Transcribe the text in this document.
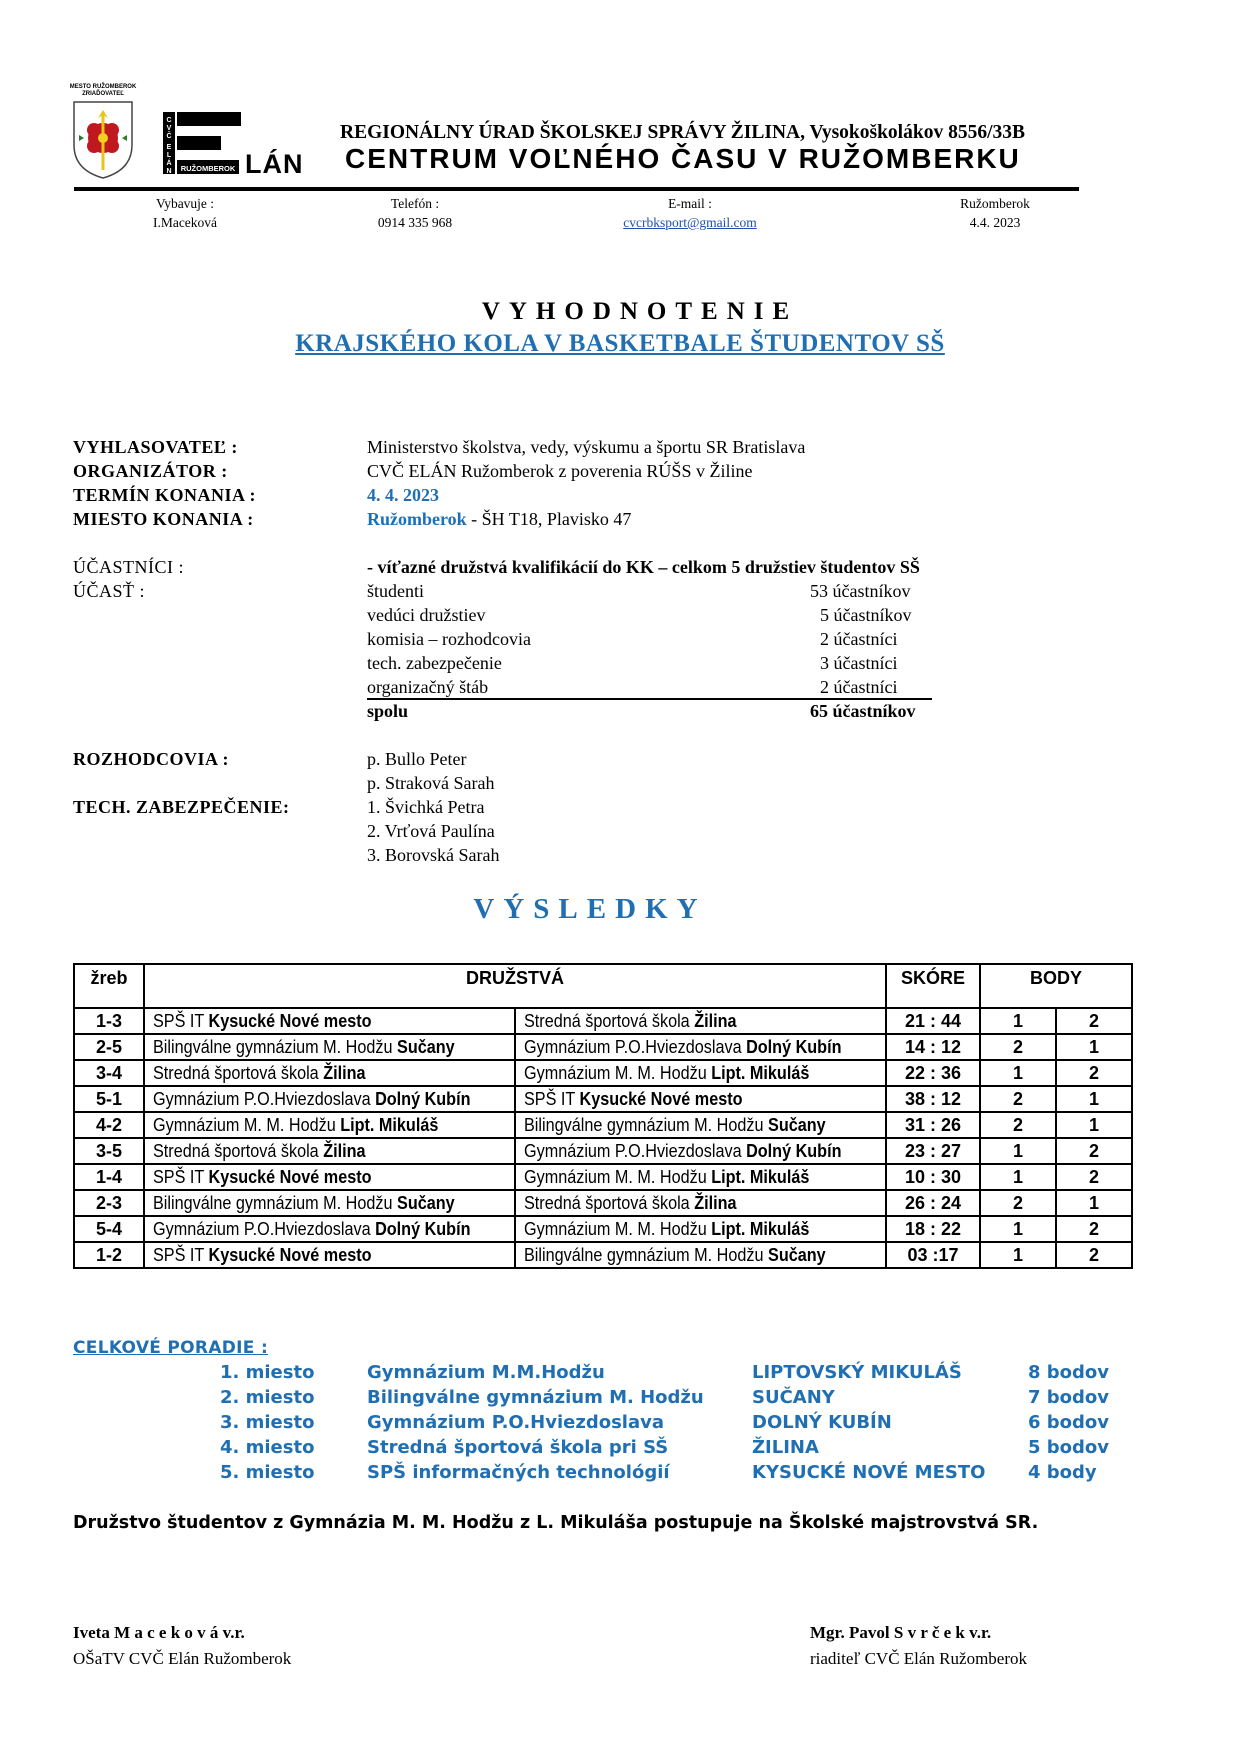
MESTO RUŽOMBEROK
ZRIAĎOVATEĽ
C
V
Č
E
L
Á
N RUŽOMBEROK LÁN
REGIONÁLNY ÚRAD ŠKOLSKEJ SPRÁVY ŽILINA, Vysokoškolákov 8556/33B
CENTRUM VOĽNÉHO ČASU V RUŽOMBERKU
Vybavuje :
I.Maceková
Telefón :
0914 335 968
E-mail :
cvcrbksport@gmail.com
Ružomberok
4.4. 2023
VYHODNOTENIE
KRAJSKÉHO KOLA V BASKETBALE ŠTUDENTOV SŠ
VYHLASOVATEĽ :	Ministerstvo školstva, vedy, výskumu a športu SR Bratislava
ORGANIZÁTOR :	CVČ ELÁN Ružomberok z poverenia RÚŠS v Žiline
TERMÍN KONANIA :	4. 4. 2023
MIESTO KONANIA :	Ružomberok - ŠH T18, Plavisko 47
ÚČASTNÍCI :	- víťazné družstvá kvalifikácií do KK – celkom 5 družstiev študentov SŠ
ÚČASŤ :	študenti	53 účastníkov
vedúci družstiev	5 účastníkov
komisia – rozhodcovia	2 účastníci
tech. zabezpečenie	3 účastníci
organizačný štáb	2 účastníci
spolu	65 účastníkov
ROZHODCOVIA :	p. Bullo Peter
p. Straková Sarah
TECH. ZABEZPEČENIE:	1. Švichká Petra
2. Vrťová Paulína
3. Borovská Sarah
VÝSLEDKY
žreb	DRUŽSTVÁ		SKÓRE	BODY	
1-3	SPŠ IT Kysucké Nové mesto	Stredná športová škola Žilina	21 : 44	1	2
2-5	Bilingválne gymnázium M. Hodžu Sučany	Gymnázium P.O.Hviezdoslava Dolný Kubín	14 : 12	2	1
3-4	Stredná športová škola Žilina	Gymnázium M. M. Hodžu Lipt. Mikuláš	22 : 36	1	2
5-1	Gymnázium P.O.Hviezdoslava Dolný Kubín	SPŠ IT Kysucké Nové mesto	38 : 12	2	1
4-2	Gymnázium M. M. Hodžu Lipt. Mikuláš	Bilingválne gymnázium M. Hodžu Sučany	31 : 26	2	1
3-5	Stredná športová škola Žilina	Gymnázium P.O.Hviezdoslava Dolný Kubín	23 : 27	1	2
1-4	SPŠ IT Kysucké Nové mesto	Gymnázium M. M. Hodžu Lipt. Mikuláš	10 : 30	1	2
2-3	Bilingválne gymnázium M. Hodžu Sučany	Stredná športová škola Žilina	26 : 24	2	1
5-4	Gymnázium P.O.Hviezdoslava Dolný Kubín	Gymnázium M. M. Hodžu Lipt. Mikuláš	18 : 22	1	2
1-2	SPŠ IT Kysucké Nové mesto	Bilingválne gymnázium M. Hodžu Sučany	03 :17	1	2
CELKOVÉ PORADIE :
1. miesto	Gymnázium M.M.Hodžu	LIPTOVSKÝ MIKULÁŠ	8 bodov
2. miesto	Bilingválne gymnázium M. Hodžu	SUČANY	7 bodov
3. miesto	Gymnázium P.O.Hviezdoslava	DOLNÝ KUBÍN	6 bodov
4. miesto	Stredná športová škola pri SŠ	ŽILINA	5 bodov
5. miesto	SPŠ informačných technológií	KYSUCKÉ NOVÉ MESTO 4 body
Družstvo študentov z Gymnázia M. M. Hodžu z L. Mikuláša postupuje na Školské majstrovstvá SR.
Iveta M a c e k o v á v.r.
OŠaTV CVČ Elán Ružomberok
Mgr. Pavol S v r č e k v.r.
riaditeľ CVČ Elán Ružomberok
